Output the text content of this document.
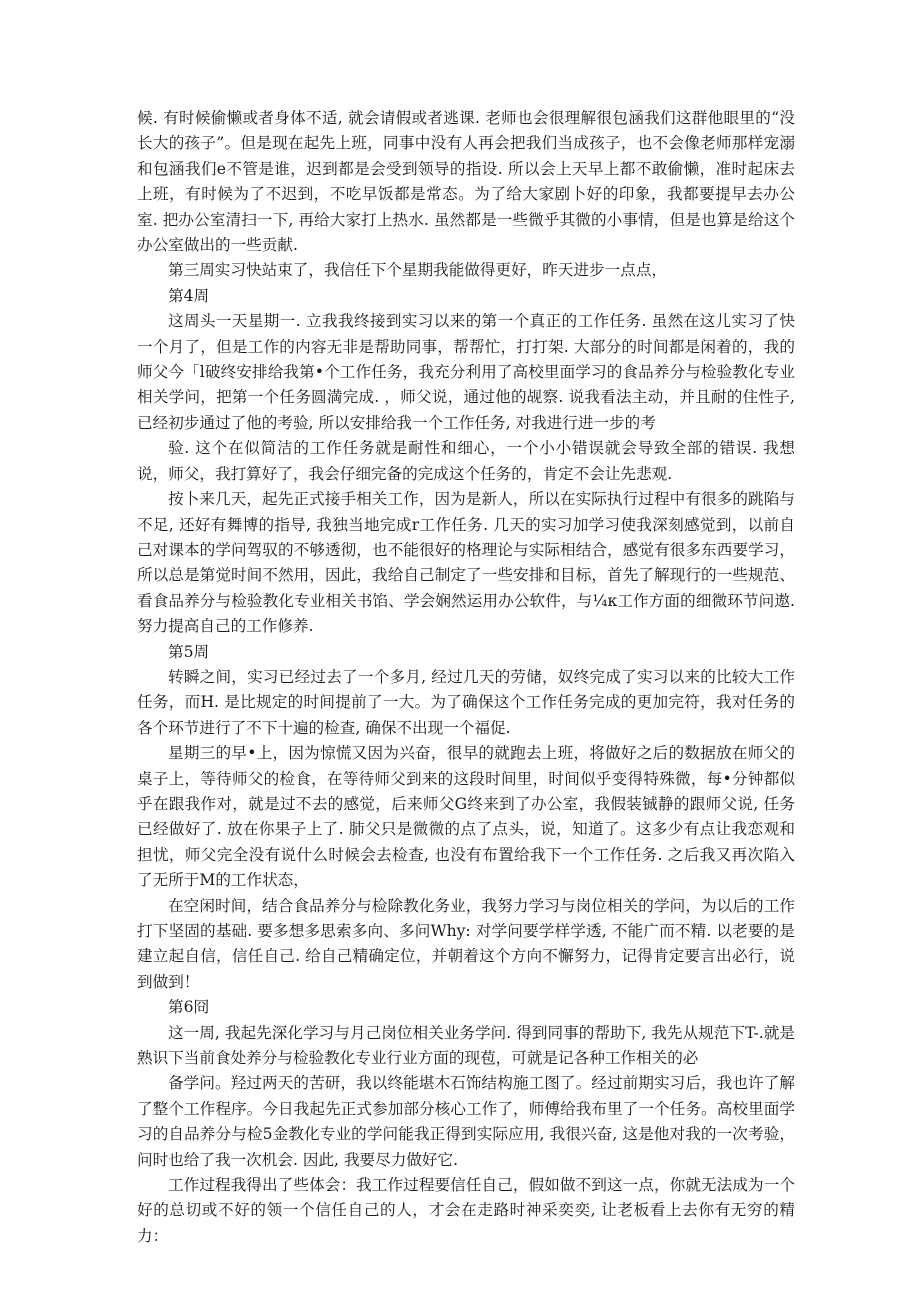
候. 有时候偷懒或者身体不适, 就会请假或者逃课. 老师也会很理解很包涵我们这群他眼里的“没长大的孩子”。但是现在起先上班，同事中没有人再会把我们当成孩子，也不会像老师那样宠溺和包涵我们e不管是谁，迟到都是会受到领导的指设. 所以会上天早上都不敢偷懒，准时起床去上班，有时候为了不迟到，不吃早饭都是常态。为了给大家剧卜好的印象，我都要提早去办公室. 把办公室清扫一下, 再给大家打上热水. 虽然都是一些微乎其微的小事情，但是也算是给这个办公室做出的一些贡献.

第三周实习快站束了，我信任下个星期我能做得更好，昨天进步一点点，

第4周

这周头一天星期一. 立我我终接到实习以来的第一个真正的工作任务. 虽然在这儿实习了快一个月了，但是工作的内容无非是帮助同事，帮帮忙，打打架. 大部分的时间都是闲着的，我的师父今「l破终安排给我第•个工作任务，我充分利用了高校里面学习的食品养分与检验教化专业相关学问，把第一个任务圆満完成. ，师父说，通过他的觇察. 说我看法主动，并且耐的住性子, 已经初步通过了他的考验, 所以安排给我一个工作任务, 对我进行进一步的考

验. 这个在似简洁的工作任务就是耐性和细心，一个小小错误就会导致全部的错误. 我想说，师父，我打算好了，我会仔细完备的完成这个任务的，肯定不会让先悲观.

按卜来几天，起先正式接手相关工作，因为是新人，所以在实际执行过程中有很多的跳陷与不足, 还好有舞博的指导, 我独当地完成r工作任务. 几天的实习加学习使我深刻感觉到，以前自己对课本的学问驾驭的不够透彻，也不能很好的格理论与实际相结合，感觉有很多东西要学习，所以总是第觉时间不然用，因此，我给自己制定了一些安排和目标，首先了解现行的一些规范、看食品养分与检验教化专业相关书馅、学会娴然运用办公软件，与¼κ工作方面的细微环节问遨. 努力提高自己的工作修养.

第5周

转瞬之间，实习已经过去了一个多月, 经过几天的劳储，奴终完成了实习以来的比较大工作任务，而H. 是比规定的时间提前了一大。为了确保这个工作任务完成的更加完符，我对任务的各个环节进行了不下十遍的检查, 确保不出现一个福促.

星期三的早•上，因为惊慌又因为兴奋，很早的就跑去上班，将做好之后的数据放在师父的桌子上，等待师父的检食，在等待师父到来的这段时间里，时间似乎变得特殊微，每•分钟都似乎在跟我作对，就是过不去的感觉，后来师父G终来到了办公室，我假装铖静的跟师父说, 任务已经做好了. 放在你果子上了. 肺父只是微微的点了点头，说，知道了。这多少有点让我恋观和担忧，师父完全没有说什么时候会去检查, 也没有布置给我下一个工作任务. 之后我又再次陷入了无所于M的工作状态，

在空闲时间，结合食品养分与检除教化务业，我努力学习与岗位相关的学问，为以后的工作打下坚固的基础. 要多想多思索多向、多问Why: 对学问要学样学透, 不能广而不精. 以老要的是建立起自信，信任自己. 给自己精确定位，并朝着这个方向不懈努力，记得肯定要言出必行，说到做到！

第6冏

这一周, 我起先深化学习与月己岗位相关业务学问. 得到同事的帮助下, 我先从规范下T-.就是熟识下当前食处养分与检验教化专业行业方面的现苞，可就是记各种工作相关的必

备学问。羟过两天的苦研，我以终能堪木石饰结构施工图了。经过前期实习后，我也许了解了整个工作程序。今日我起先正式参加部分核心工作了，师傅给我布里了一个任务。高校里面学习的自品养分与检5金教化专业的学问能我正得到实际应用, 我很兴奋, 这是他对我的一次考验，问时也给了我一次机会. 因此, 我要尽力做好它.

工作过程我得出了些体会：我工作过程要信任自己，假如做不到这一点，你就无法成为一个好的总切或不好的领一个信任自己的人，才会在走路时神采奕奕, 让老板看上去你有无穷的精力：
